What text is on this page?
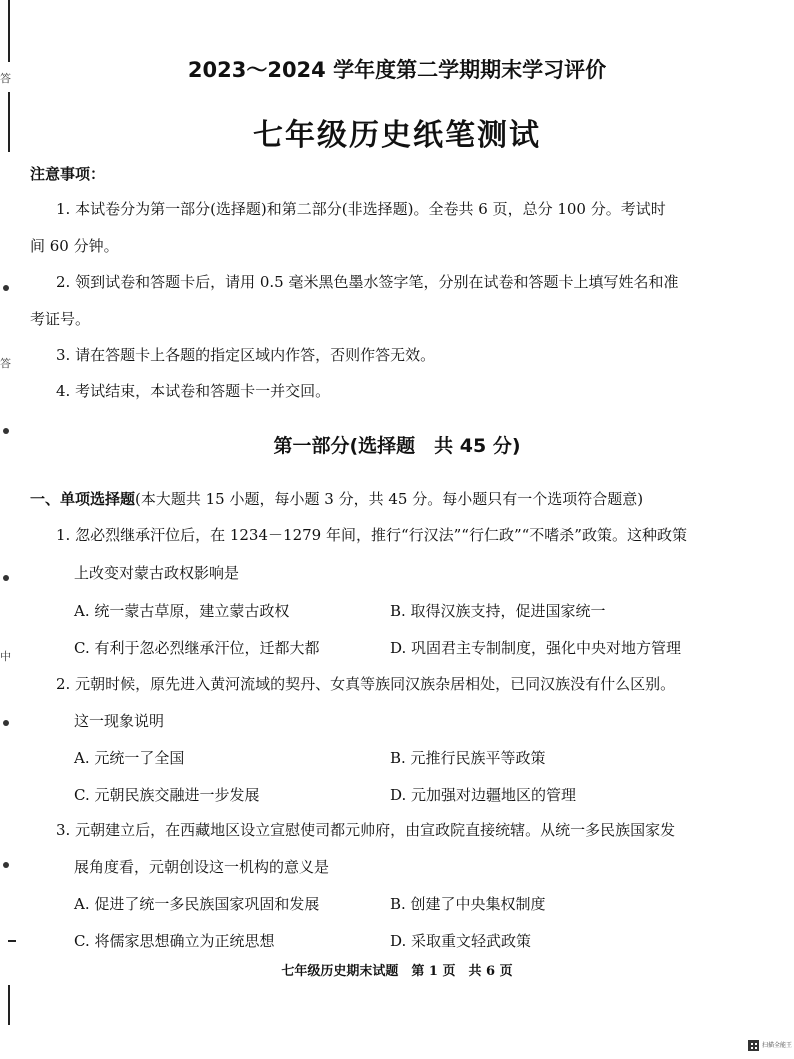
答
答
中
2023～2024 学年度第二学期期末学习评价
七年级历史纸笔测试
注意事项：
1. 本试卷分为第一部分(选择题)和第二部分(非选择题)。全卷共 6 页，总分 100 分。考试时
间 60 分钟。
2. 领到试卷和答题卡后，请用 0.5 毫米黑色墨水签字笔，分别在试卷和答题卡上填写姓名和准
考证号。
3. 请在答题卡上各题的指定区域内作答，否则作答无效。
4. 考试结束，本试卷和答题卡一并交回。
第一部分(选择题　共 45 分)
一、单项选择题(本大题共 15 小题，每小题 3 分，共 45 分。每小题只有一个选项符合题意)
1. 忽必烈继承汗位后，在 1234－1279 年间，推行“行汉法”“行仁政”“不嗜杀”政策。这种政策
上改变对蒙古政权影响是
A. 统一蒙古草原，建立蒙古政权	B. 取得汉族支持，促进国家统一
C. 有利于忽必烈继承汗位，迁都大都	D. 巩固君主专制制度，强化中央对地方管理
2. 元朝时候，原先进入黄河流域的契丹、女真等族同汉族杂居相处，已同汉族没有什么区别。
这一现象说明
A. 元统一了全国	B. 元推行民族平等政策
C. 元朝民族交融进一步发展	D. 元加强对边疆地区的管理
3. 元朝建立后，在西藏地区设立宣慰使司都元帅府，由宣政院直接统辖。从统一多民族国家发
展角度看，元朝创设这一机构的意义是
A. 促进了统一多民族国家巩固和发展	B. 创建了中央集权制度
C. 将儒家思想确立为正统思想	D. 采取重文轻武政策
七年级历史期末试题　第 1 页　共 6 页
扫描全能王
